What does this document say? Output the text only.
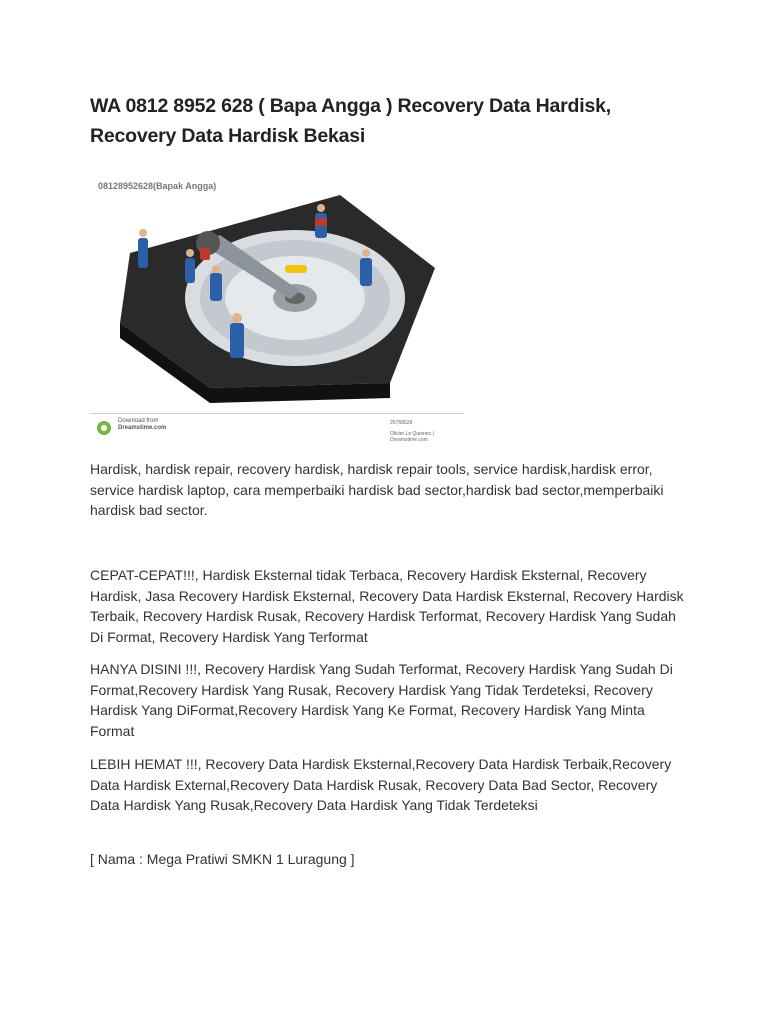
WA 0812 8952 628 ( Bapa Angga ) Recovery Data Hardisk, Recovery Data Hardisk Bekasi
08128952628(Bapak Angga)
Download from
Dreamstime.com
25768528
Olivier Le Queinec | Dreamstime.com

Hardisk, hardisk repair, recovery hardisk, hardisk repair tools, service hardisk,hardisk error, service hardisk laptop, cara memperbaiki hardisk bad sector,hardisk bad sector,memperbaiki hardisk bad sector.

CEPAT-CEPAT!!!, Hardisk Eksternal tidak Terbaca, Recovery Hardisk Eksternal, Recovery Hardisk, Jasa Recovery Hardisk Eksternal, Recovery Data Hardisk Eksternal, Recovery Hardisk Terbaik, Recovery Hardisk Rusak, Recovery Hardisk Terformat, Recovery Hardisk Yang Sudah Di Format, Recovery Hardisk Yang Terformat

HANYA DISINI !!!, Recovery Hardisk Yang Sudah Terformat, Recovery Hardisk Yang Sudah Di Format,Recovery Hardisk Yang Rusak, Recovery Hardisk Yang Tidak Terdeteksi, Recovery Hardisk Yang DiFormat,Recovery Hardisk Yang Ke Format, Recovery Hardisk Yang Minta Format

LEBIH HEMAT !!!, Recovery Data Hardisk Eksternal,Recovery Data Hardisk Terbaik,Recovery Data Hardisk External,Recovery Data Hardisk Rusak, Recovery Data Bad Sector, Recovery Data Hardisk Yang Rusak,Recovery Data Hardisk Yang Tidak Terdeteksi

[ Nama : Mega Pratiwi SMKN 1 Luragung ]
